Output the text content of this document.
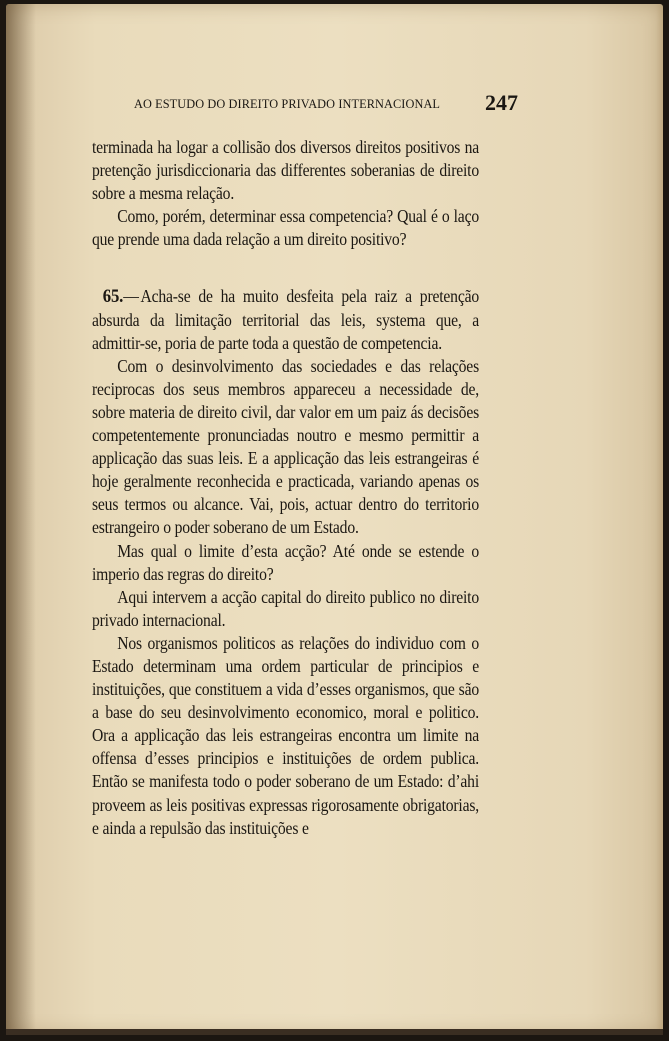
AO ESTUDO DO DIREITO PRIVADO INTERNACIONAL 247

terminada ha logar a collisão dos diversos direitos positivos na pretenção jurisdiccionaria das differentes soberanias de direito sobre a mesma relação.

Como, porém, determinar essa competencia? Qual é o laço que prende uma dada relação a um direito positivo?

65.— Acha-se de ha muito desfeita pela raiz a pretenção absurda da limitação territorial das leis, systema que, a admittir-se, poria de parte toda a questão de competencia.

Com o desinvolvimento das sociedades e das relações reciprocas dos seus membros appareceu a necessidade de, sobre materia de direito civil, dar valor em um paiz ás decisões competentemente pronunciadas noutro e mesmo permittir a applicação das suas leis. E a applicação das leis estrangeiras é hoje geralmente reconhecida e practicada, variando apenas os seus termos ou alcance. Vai, pois, actuar dentro do territorio estrangeiro o poder soberano de um Estado.

Mas qual o limite d’esta acção? Até onde se estende o imperio das regras do direito?

Aqui intervem a acção capital do direito publico no direito privado internacional.

Nos organismos politicos as relações do individuo com o Estado determinam uma ordem particular de principios e instituições, que constituem a vida d’esses organismos, que são a base do seu desinvolvimento economico, moral e politico. Ora a applicação das leis estrangeiras encontra um limite na offensa d’esses principios e instituições de ordem publica. Então se manifesta todo o poder soberano de um Estado: d’ahi proveem as leis positivas expressas rigorosamente obrigatorias, e ainda a repulsão das instituições e
